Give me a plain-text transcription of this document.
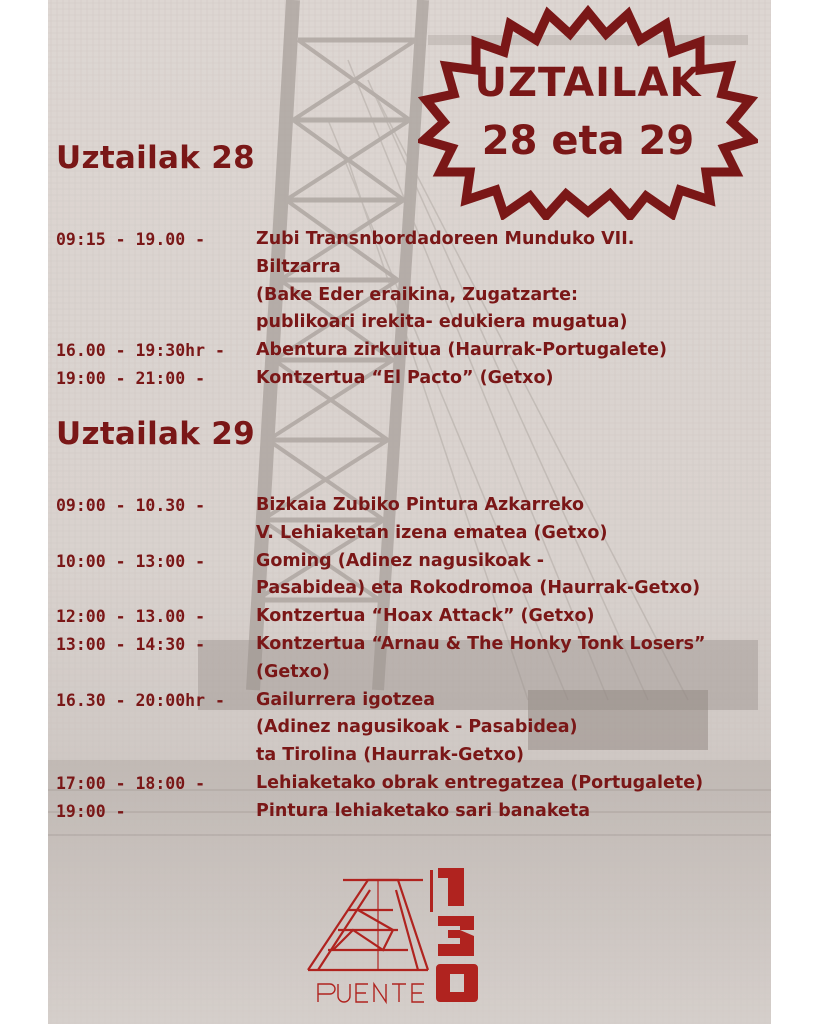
UZTAILAK

28 eta 29

Uztailak 28
09:15 - 19.00 -	Zubi Transnbordadoreen Munduko VII.
Biltzarra
(Bake Eder eraikina, Zugatzarte:
publikoari irekita- edukiera mugatua)
16.00 - 19:30hr -	Abentura zirkuitua (Haurrak-Portugalete)
19:00 - 21:00 -	Kontzertua “El Pacto” (Getxo)
Uztailak 29
09:00 - 10.30 -	Bizkaia Zubiko Pintura Azkarreko
V. Lehiaketan izena ematea (Getxo)
10:00 - 13:00 -	Goming (Adinez nagusikoak -
Pasabidea) eta Rokodromoa (Haurrak-Getxo)
12:00 - 13.00 -	Kontzertua “Hoax Attack” (Getxo)
13:00 - 14:30 -	Kontzertua “Arnau & The Honky Tonk Losers”
(Getxo)
16.30 - 20:00hr -	Gailurrera igotzea
(Adinez nagusikoak - Pasabidea)
ta Tirolina (Haurrak-Getxo)
17:00 - 18:00 -	Lehiaketako obrak entregatzea (Portugalete)
19:00 -	Pintura lehiaketako sari banaketa
